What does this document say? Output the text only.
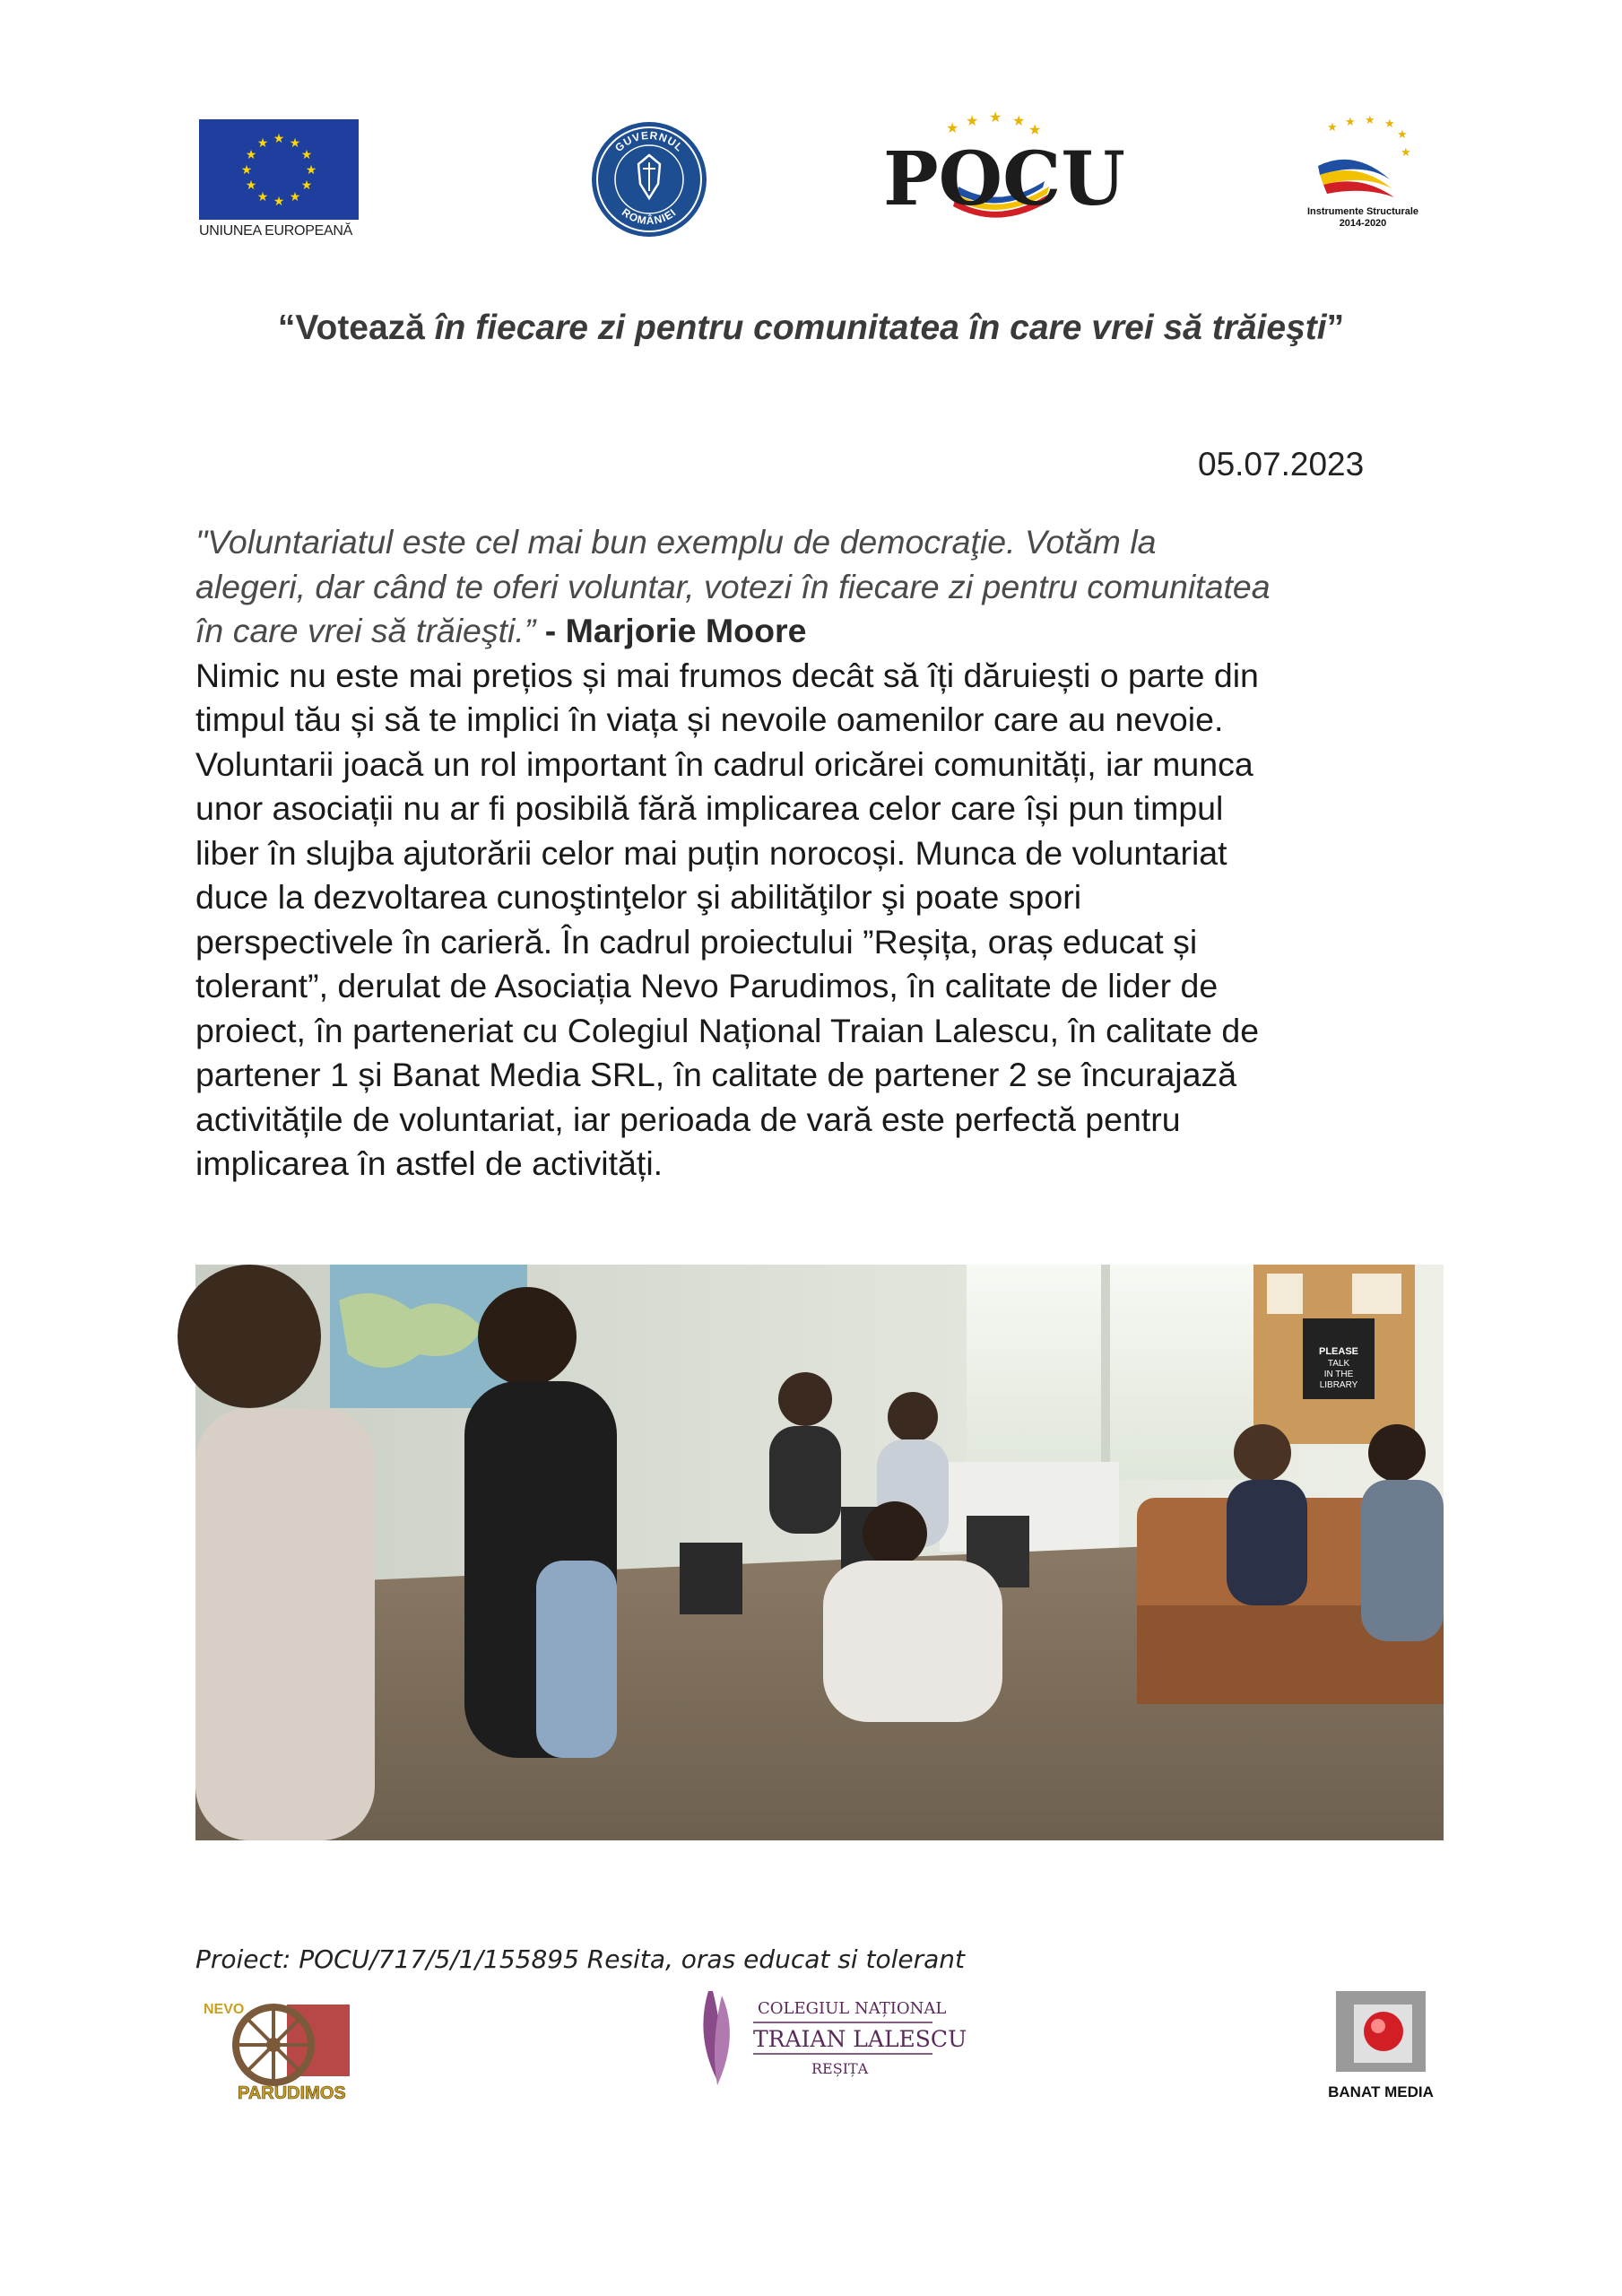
★ ★
★
★
★
★
★
★
★
★
★
★
UNIUNEA EUROPEANĂ
GUVERNUL
ROMÂNIEI
★ ★ ★ ★
★
POCU
★ ★ ★ ★
★
★
Instrumente Structurale
2014-2020
“Votează în fiecare zi pentru comunitatea în care vrei să trăieşti”
05.07.2023
"Voluntariatul este cel mai bun exemplu de democraţie. Votăm la
alegeri, dar când te oferi voluntar, votezi în fiecare zi pentru comunitatea
în care vrei să trăieşti.” - Marjorie Moore
Nimic nu este mai prețios și mai frumos decât să îți dăruiești o parte din
timpul tău și să te implici în viața și nevoile oamenilor care au nevoie.
Voluntarii joacă un rol important în cadrul oricărei comunități, iar munca
unor asociații nu ar fi posibilă fără implicarea celor care își pun timpul
liber în slujba ajutorării celor mai puțin norocoși. Munca de voluntariat
duce la dezvoltarea cunoştinţelor şi abilităţilor şi poate spori
perspectivele în carieră. În cadrul proiectului ”Reșița, oraș educat și
tolerant”, derulat de Asociația Nevo Parudimos, în calitate de lider de
proiect, în parteneriat cu Colegiul Național Traian Lalescu, în calitate de
partener 1 și Banat Media SRL, în calitate de partener 2 se încurajază
activitățile de voluntariat, iar perioada de vară este perfectă pentru
implicarea în astfel de activități.
PLEASE
TALK
IN THE
LIBRARY
Proiect: POCU/717/5/1/155895 Resita, oras educat si tolerant
NEVO
PARUDIMOS
COLEGIUL NAȚIONAL
TRAIAN LALESCU
REȘIȚA
BANAT MEDIA
